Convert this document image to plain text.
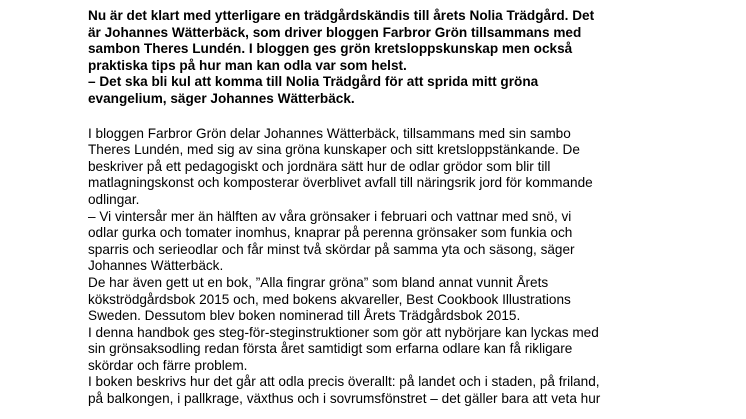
Nu är det klart med ytterligare en trädgårdskändis till årets Nolia Trädgård. Det
är Johannes Wätterbäck, som driver bloggen Farbror Grön tillsammans med
sambon Theres Lundén. I bloggen ges grön kretsloppskunskap men också
praktiska tips på hur man kan odla var som helst.
– Det ska bli kul att komma till Nolia Trädgård för att sprida mitt gröna
evangelium, säger Johannes Wätterbäck.

I bloggen Farbror Grön delar Johannes Wätterbäck, tillsammans med sin sambo
Theres Lundén, med sig av sina gröna kunskaper och sitt kretsloppstänkande. De
beskriver på ett pedagogiskt och jordnära sätt hur de odlar grödor som blir till
matlagningskonst och komposterar överblivet avfall till näringsrik jord för kommande
odlingar.

– Vi vintersår mer än hälften av våra grönsaker i februari och vattnar med snö, vi
odlar gurka och tomater inomhus, knaprar på perenna grönsaker som funkia och
sparris och serieodlar och får minst två skördar på samma yta och säsong, säger
Johannes Wätterbäck.

De har även gett ut en bok, ”Alla fingrar gröna” som bland annat vunnit Årets
kökströdgårdsbok 2015 och, med bokens akvareller, Best Cookbook Illustrations
Sweden. Dessutom blev boken nominerad till Årets Trädgårdsbok 2015.

I denna handbok ges steg-för-steginstruktioner som gör att nybörjare kan lyckas med
sin grönsaksodling redan första året samtidigt som erfarna odlare kan få rikligare
skördar och färre problem.

I boken beskrivs hur det går att odla precis överallt: på landet och i staden, på friland,
på balkongen, i pallkrage, växthus och i sovrumsfönstret – det gäller bara att veta hur
